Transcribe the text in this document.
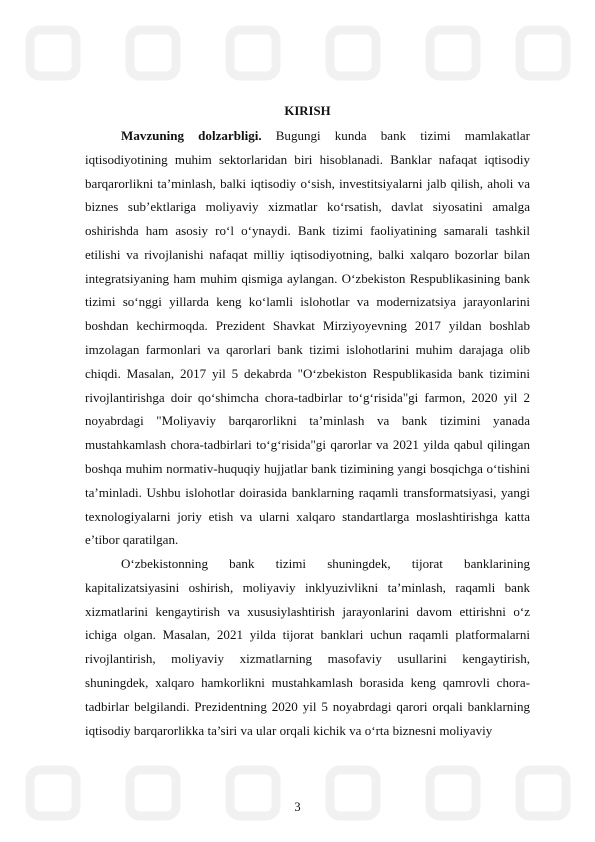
KIRISH

Mavzuning dolzarbligi. Bugungi kunda bank tizimi mamlakatlar iqtisodiyotining muhim sektorlaridan biri hisoblanadi. Banklar nafaqat iqtisodiy barqarorlikni ta’minlash, balki iqtisodiy o‘sish, investitsiyalarni jalb qilish, aholi va biznes sub’ektlariga moliyaviy xizmatlar ko‘rsatish, davlat siyosatini amalga oshirishda ham asosiy ro‘l o‘ynaydi. Bank tizimi faoliyatining samarali tashkil etilishi va rivojlanishi nafaqat milliy iqtisodiyotning, balki xalqaro bozorlar bilan integratsiyaning ham muhim qismiga aylangan. O‘zbekiston Respublikasining bank tizimi so‘nggi yillarda keng ko‘lamli islohotlar va modernizatsiya jarayonlarini boshdan kechirmoqda. Prezident Shavkat Mirziyoyevning 2017 yildan boshlab imzolagan farmonlari va qarorlari bank tizimi islohotlarini muhim darajaga olib chiqdi. Masalan, 2017 yil 5 dekabrda "O‘zbekiston Respublikasida bank tizimini rivojlantirishga doir qo‘shimcha chora-tadbirlar to‘g‘risida"gi farmon, 2020 yil 2 noyabrdagi "Moliyaviy barqarorlikni ta’minlash va bank tizimini yanada mustahkamlash chora-tadbirlari to‘g‘risida"gi qarorlar va 2021 yilda qabul qilingan boshqa muhim normativ-huquqiy hujjatlar bank tizimining yangi bosqichga o‘tishini ta’minladi. Ushbu islohotlar doirasida banklarning raqamli transformatsiyasi, yangi texnologiyalarni joriy etish va ularni xalqaro standartlarga moslashtirishga katta e’tibor qaratilgan.

O‘zbekistonning bank tizimi shuningdek, tijorat banklarining kapitalizatsiyasini oshirish, moliyaviy inklyuzivlikni ta’minlash, raqamli bank xizmatlarini kengaytirish va xususiylashtirish jarayonlarini davom ettirishni o‘z ichiga olgan. Masalan, 2021 yilda tijorat banklari uchun raqamli platformalarni rivojlantirish, moliyaviy xizmatlarning masofaviy usullarini kengaytirish, shuningdek, xalqaro hamkorlikni mustahkamlash borasida keng qamrovli chora-tadbirlar belgilandi. Prezidentning 2020 yil 5 noyabrdagi qarori orqali banklarning iqtisodiy barqarorlikka ta’siri va ular orqali kichik va o‘rta biznesni moliyaviy

3
